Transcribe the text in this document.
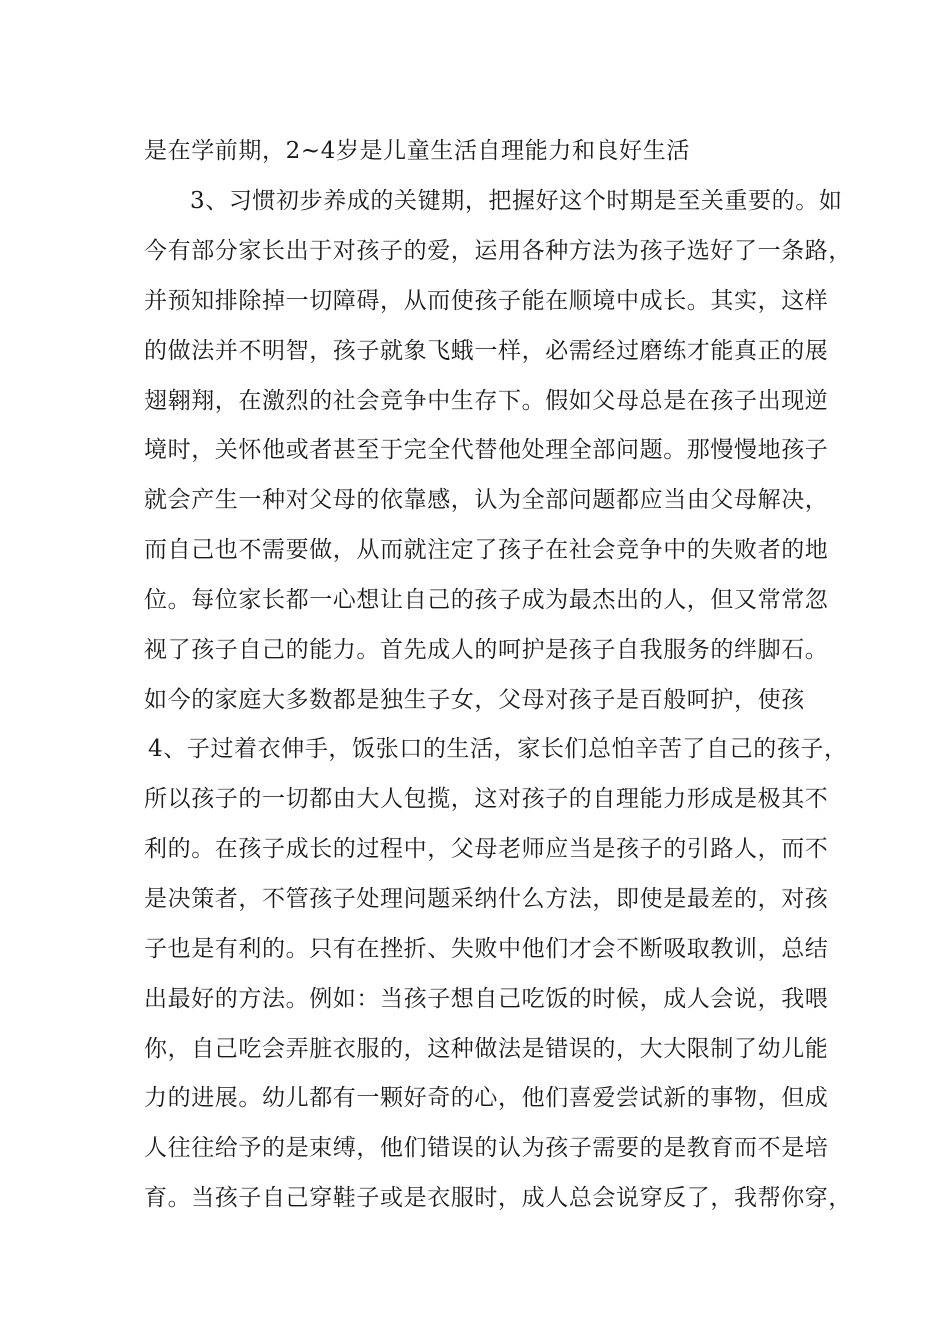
是在学前期，2~4岁是儿童生活自理能力和良好生活
3、习惯初步养成的关键期，把握好这个时期是至关重要的。如
今有部分家长出于对孩子的爱，运用各种方法为孩子选好了一条路，
并预知排除掉一切障碍，从而使孩子能在顺境中成长。其实，这样
的做法并不明智，孩子就象飞蛾一样，必需经过磨练才能真正的展
翅翱翔，在激烈的社会竞争中生存下。假如父母总是在孩子出现逆
境时，关怀他或者甚至于完全代替他处理全部问题。那慢慢地孩子
就会产生一种对父母的依靠感，认为全部问题都应当由父母解决，
而自己也不需要做，从而就注定了孩子在社会竞争中的失败者的地
位。每位家长都一心想让自己的孩子成为最杰出的人，但又常常忽
视了孩子自己的能力。首先成人的呵护是孩子自我服务的绊脚石。
如今的家庭大多数都是独生子女，父母对孩子是百般呵护，使孩
4、子过着衣伸手，饭张口的生活，家长们总怕辛苦了自己的孩子，
所以孩子的一切都由大人包揽，这对孩子的自理能力形成是极其不
利的。在孩子成长的过程中，父母老师应当是孩子的引路人，而不
是决策者，不管孩子处理问题采纳什么方法，即使是最差的，对孩
子也是有利的。只有在挫折、失败中他们才会不断吸取教训，总结
出最好的方法。例如：当孩子想自己吃饭的时候，成人会说，我喂
你，自己吃会弄脏衣服的，这种做法是错误的，大大限制了幼儿能
力的进展。幼儿都有一颗好奇的心，他们喜爱尝试新的事物，但成
人往往给予的是束缚，他们错误的认为孩子需要的是教育而不是培
育。当孩子自己穿鞋子或是衣服时，成人总会说穿反了，我帮你穿，
